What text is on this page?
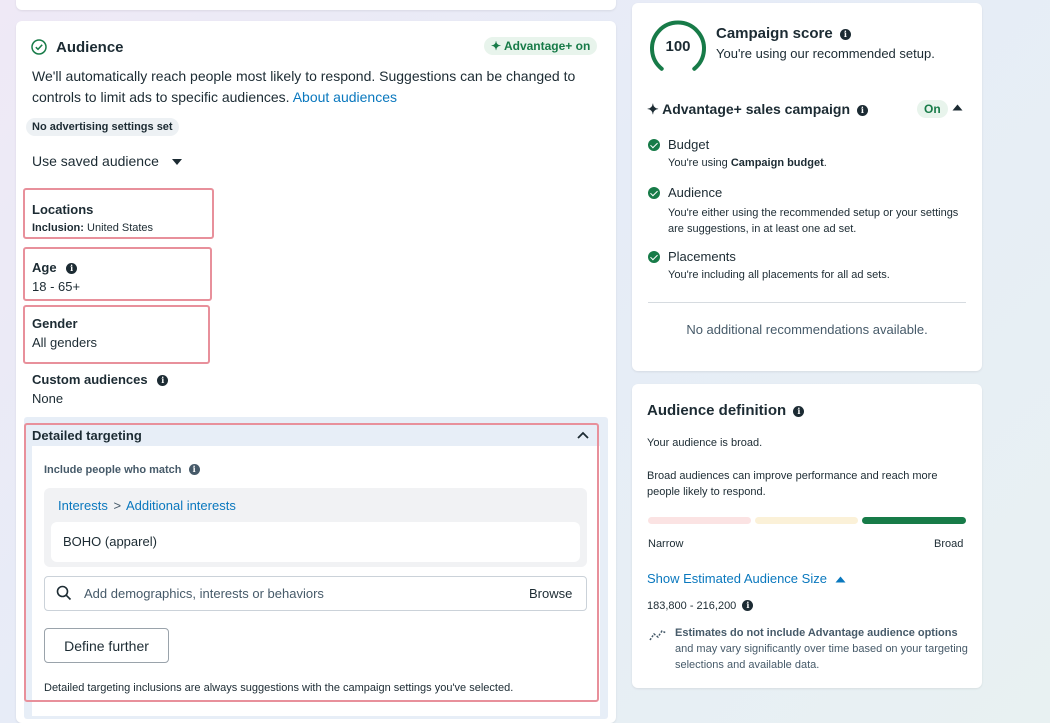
Audience	✦ Advantage+ on
We'll automatically reach people most likely to respond. Suggestions can be changed to controls to limit ads to specific audiences. About audiences
No advertising settings set
Use saved audience
Locations
Inclusion: United States
Age i
18 - 65+
Gender
All genders
Custom audiences i
None
Detailed targeting
Include people who match i
Interests > Additional interests
BOHO (apparel)
Add demographics, interests or behaviors	Browse
Define further
Detailed targeting inclusions are always suggestions with the campaign settings you've selected.
100
Campaign score i
You're using our recommended setup.
✦ Advantage+ sales campaign i	On
Budget
You're using Campaign budget.
Audience
You're either using the recommended setup or your settings are suggestions, in at least one ad set.
Placements
You're including all placements for all ad sets.
No additional recommendations available.
Audience definition i
Your audience is broad.
Broad audiences can improve performance and reach more people likely to respond.
Narrow	Broad
Show Estimated Audience Size
183,800 - 216,200 i
Estimates do not include Advantage audience options and may vary significantly over time based on your targeting selections and available data.
